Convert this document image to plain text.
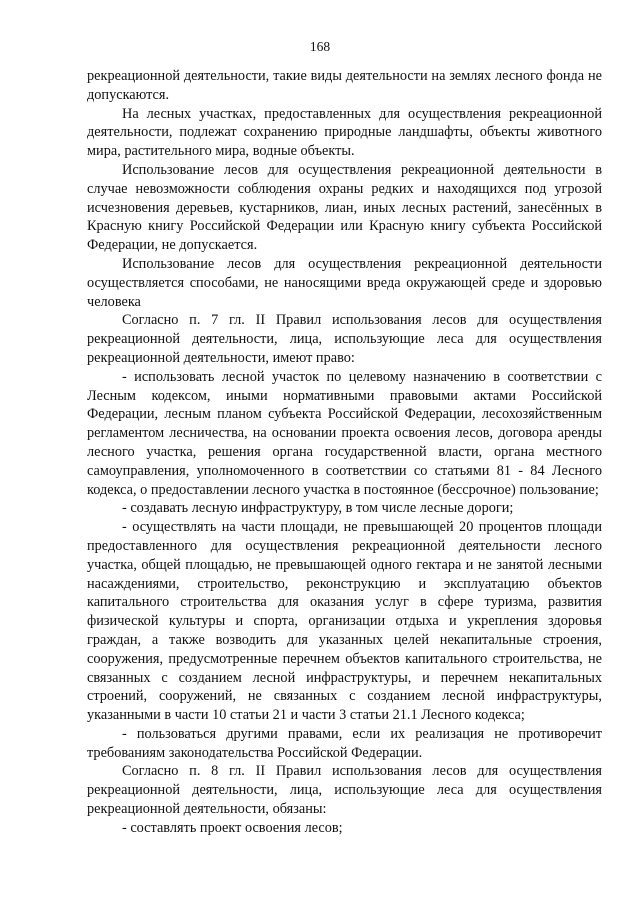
168

рекреационной деятельности, такие виды деятельности на землях лесного фонда не допускаются.

На лесных участках, предоставленных для осуществления рекреационной деятельности, подлежат сохранению природные ландшафты, объекты животного мира, растительного мира, водные объекты.

Использование лесов для осуществления рекреационной деятельности в случае невозможности соблюдения охраны редких и находящихся под угрозой исчезновения деревьев, кустарников, лиан, иных лесных растений, занесённых в Красную книгу Российской Федерации или Красную книгу субъекта Российской Федерации, не допускается.

Использование лесов для осуществления рекреационной деятельности осуществляется способами, не наносящими вреда окружающей среде и здоровью человека

Согласно п. 7 гл. II Правил использования лесов для осуществления рекреационной деятельности, лица, использующие леса для осуществления рекреационной деятельности, имеют право:

- использовать лесной участок по целевому назначению в соответствии с Лесным кодексом, иными нормативными правовыми актами Российской Федерации, лесным планом субъекта Российской Федерации, лесохозяйственным регламентом лесничества, на основании проекта освоения лесов, договора аренды лесного участка, решения органа государственной власти, органа местного самоуправления, уполномоченного в соответствии со статьями 81 - 84 Лесного кодекса, о предоставлении лесного участка в постоянное (бессрочное) пользование;

- создавать лесную инфраструктуру, в том числе лесные дороги;

- осуществлять на части площади, не превышающей 20 процентов площади предоставленного для осуществления рекреационной деятельности лесного участка, общей площадью, не превышающей одного гектара и не занятой лесными насаждениями, строительство, реконструкцию и эксплуатацию объектов капитального строительства для оказания услуг в сфере туризма, развития физической культуры и спорта, организации отдыха и укрепления здоровья граждан, а также возводить для указанных целей некапитальные строения, сооружения, предусмотренные перечнем объектов капитального строительства, не связанных с созданием лесной инфраструктуры, и перечнем некапитальных строений, сооружений, не связанных с созданием лесной инфраструктуры, указанными в части 10 статьи 21 и части 3 статьи 21.1 Лесного кодекса;

- пользоваться другими правами, если их реализация не противоречит требованиям законодательства Российской Федерации.

Согласно п. 8 гл. II Правил использования лесов для осуществления рекреационной деятельности, лица, использующие леса для осуществления рекреационной деятельности, обязаны:

- составлять проект освоения лесов;
